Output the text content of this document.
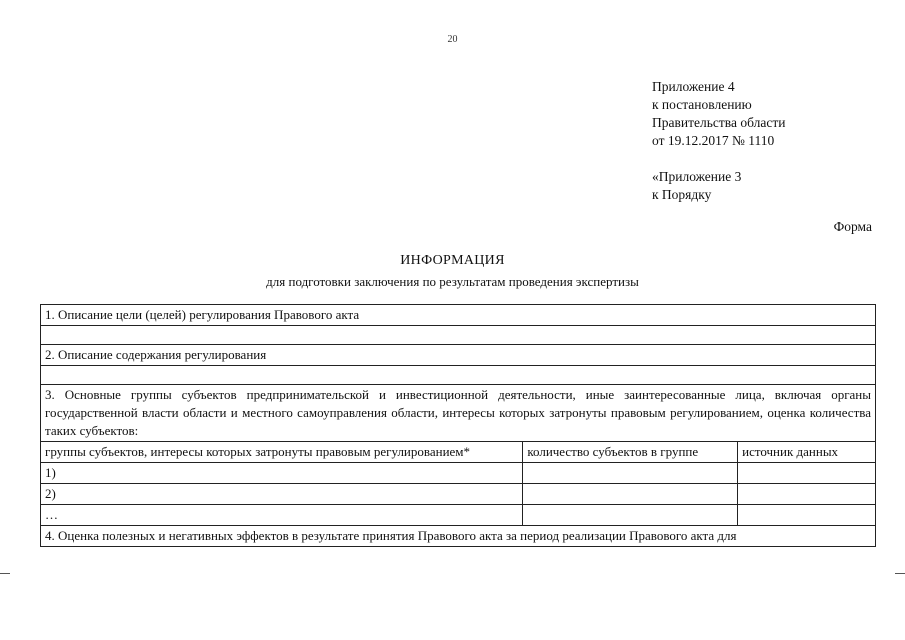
20
Приложение 4
к постановлению
Правительства области
от 19.12.2017 № 1110
«Приложение 3
к Порядку
Форма
ИНФОРМАЦИЯ
для подготовки заключения по результатам проведения экспертизы
1. Описание цели (целей) регулирования Правового акта		

2. Описание содержания регулирования		

3. Основные группы субъектов предпринимательской и инвестиционной деятельности, иные заинтересованные лица, включая органы государственной власти области и местного самоуправления области, интересы которых затронуты правовым регулированием, оценка количества таких субъектов:		
группы субъектов, интересы которых затронуты правовым регулированием*	количество субъектов в группе	источник данных
1)		
2)		
…		
4. Оценка полезных и негативных эффектов в результате принятия Правового акта за период реализации Правового акта для		
